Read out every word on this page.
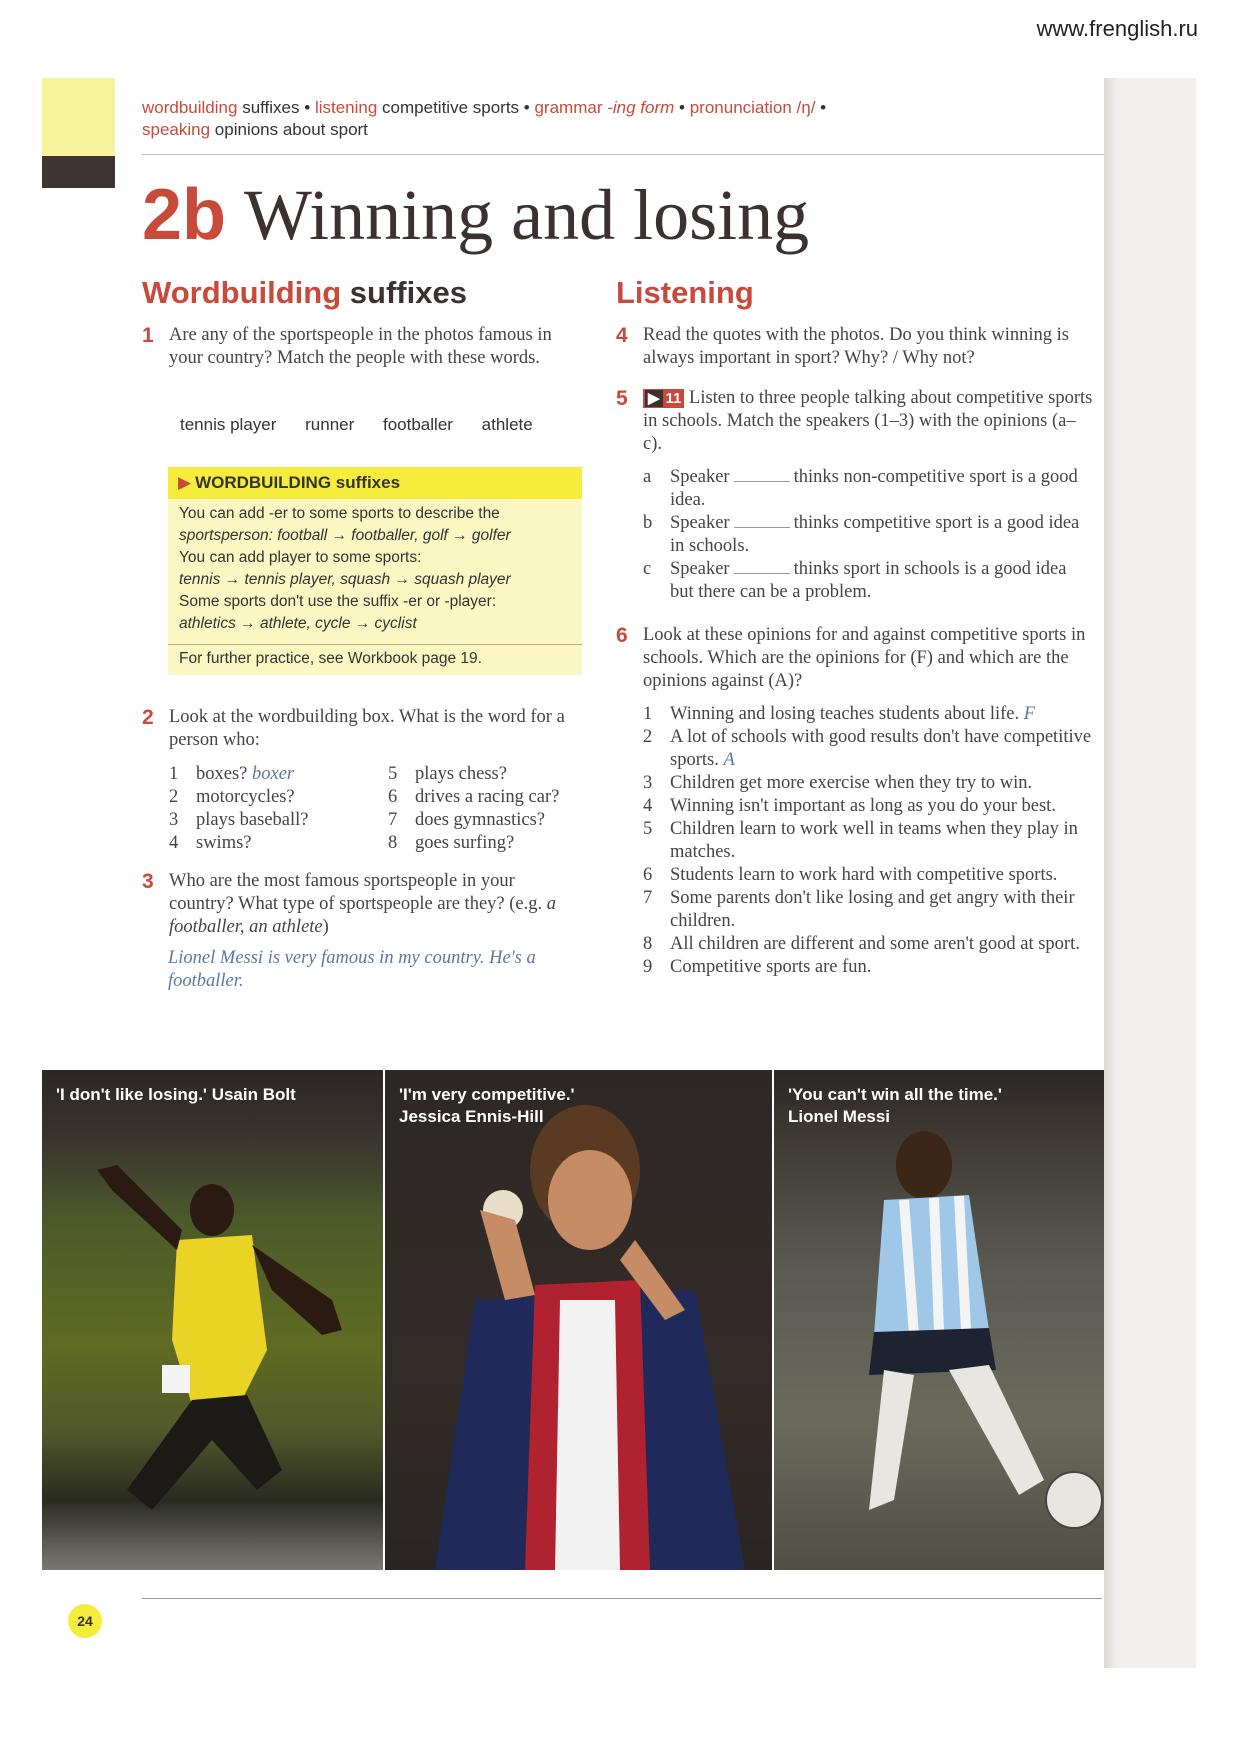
www.frenglish.ru
wordbuilding suffixes • listening competitive sports • grammar -ing form • pronunciation /ŋ/ •
speaking opinions about sport
2b Winning and losing
Wordbuilding suffixes
1 Are any of the sportspeople in the photos famous in your country? Match the people with these words.
tennis player runner footballer athlete
▶ WORDBUILDING suffixes
You can add -er to some sports to describe the
sportsperson: football → footballer, golf → golfer
You can add player to some sports:
tennis → tennis player, squash → squash player
Some sports don't use the suffix -er or -player:
athletics → athlete, cycle → cyclist
For further practice, see Workbook page 19.
2 Look at the wordbuilding box. What is the word for a person who:
1 boxes? boxer
2 motorcycles?
3 plays baseball?
4 swims?
5 plays chess?
6 drives a racing car?
7 does gymnastics?
8 goes surfing?
3 Who are the most famous sportspeople in your country? What type of sportspeople are they? (e.g. a footballer, an athlete)
Lionel Messi is very famous in my country. He's a footballer.
Listening
4 Read the quotes with the photos. Do you think winning is always important in sport? Why? / Why not?
5	▶ 11 Listen to three people talking about competitive sports in schools. Match the speakers (1–3) with the opinions (a–c).
a Speaker	thinks non-competitive sport is a good idea.
b Speaker	thinks competitive sport is a good idea in schools.
c Speaker	thinks sport in schools is a good idea but there can be a problem.
6 Look at these opinions for and against competitive sports in schools. Which are the opinions for (F) and which are the opinions against (A)?
1 Winning and losing teaches students about life. F
2 A lot of schools with good results don't have competitive sports. A
3 Children get more exercise when they try to win.
4 Winning isn't important as long as you do your best.
5 Children learn to work well in teams when they play in matches.
6 Students learn to work hard with competitive sports.
7 Some parents don't like losing and get angry with their children.
8 All children are different and some aren't good at sport.
9 Competitive sports are fun.
'I don't like losing.' Usain Bolt	'I'm very competitive.'
Jessica Ennis-Hill
'You can't win all the time.'
Lionel Messi
24
